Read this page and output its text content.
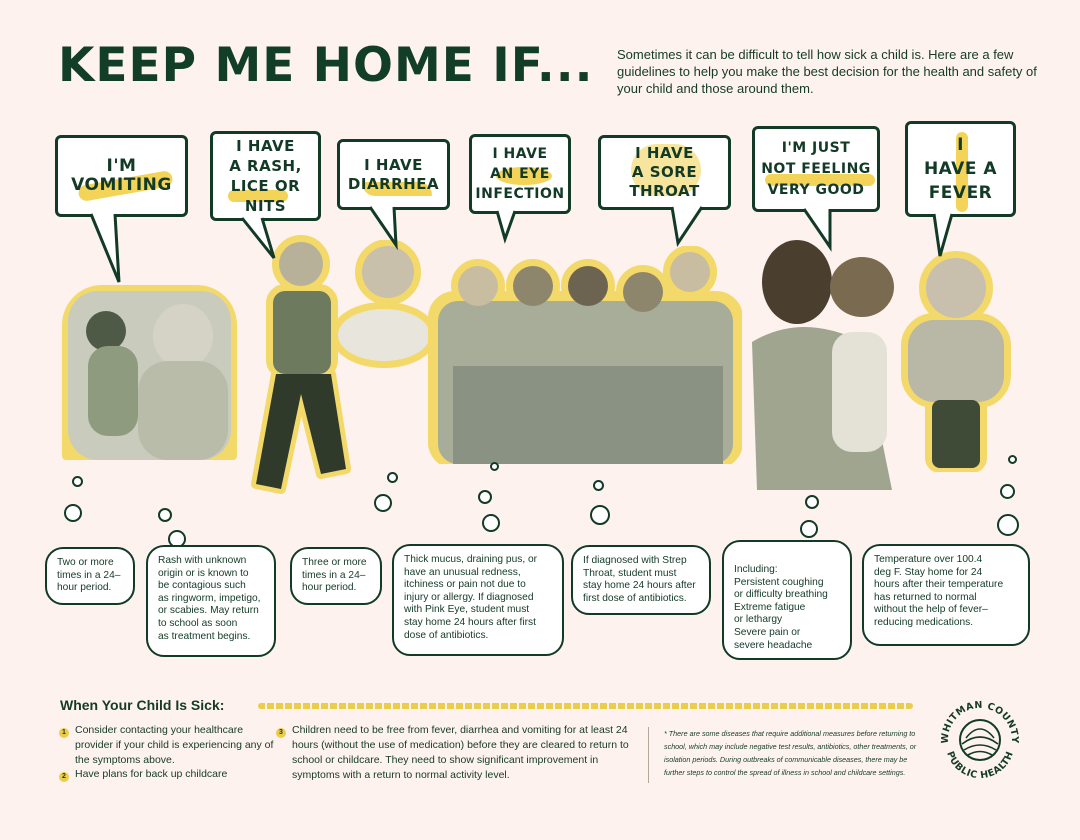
KEEP ME HOME IF... Sometimes it can be difficult to tell how sick a child is. Here are a few guidelines to help you make the best decision for the health and safety of your child and those around them.

I'M
VOMITING
I HAVE
A RASH,
LICE OR NITS
I HAVE
DIARRHEA
I HAVE
AN EYE
INFECTION
I HAVE
A SORE
THROAT
I'M JUST
NOT FEELING
VERY GOOD
I
HAVE A
FEVER
Two or more
times in a 24–
hour period.
Rash with unknown
origin or is known to
be contagious such
as ringworm, impetigo,
or scabies. May return
to school as soon
as treatment begins.
Three or more
times in a 24–
hour period.
Thick mucus, draining pus, or
have an unusual redness,
itchiness or pain not due to
injury or allergy. If diagnosed
with Pink Eye, student must
stay home 24 hours after first
dose of antibiotics.
If diagnosed with Strep
Throat, student must
stay home 24 hours after
first dose of antibiotics.
Including:
Persistent coughing
or difficulty breathing
Extreme fatigue
or lethargy
Severe pain or
severe headache
Temperature over 100.4
deg F. Stay home for 24
hours after their temperature
has returned to normal
without the help of fever–
reducing medications.
When Your Child Is Sick:
1 Consider contacting your healthcare provider if your child is experiencing any of the symptoms above.
2 Have plans for back up childcare
3 Children need to be free from fever, diarrhea and vomiting for at least 24 hours (without the use of medication) before they are cleared to return to school or childcare. They need to show significant improvement in symptoms with a return to normal activity level.
* There are some diseases that require additional measures before returning to school, which may include negative test results, antibiotics, other treatments, or isolation periods. During outbreaks of communicable diseases, there may be further steps to control the spread of illness in school and childcare settings.
WHITMAN COUNTY
PUBLIC HEALTH
